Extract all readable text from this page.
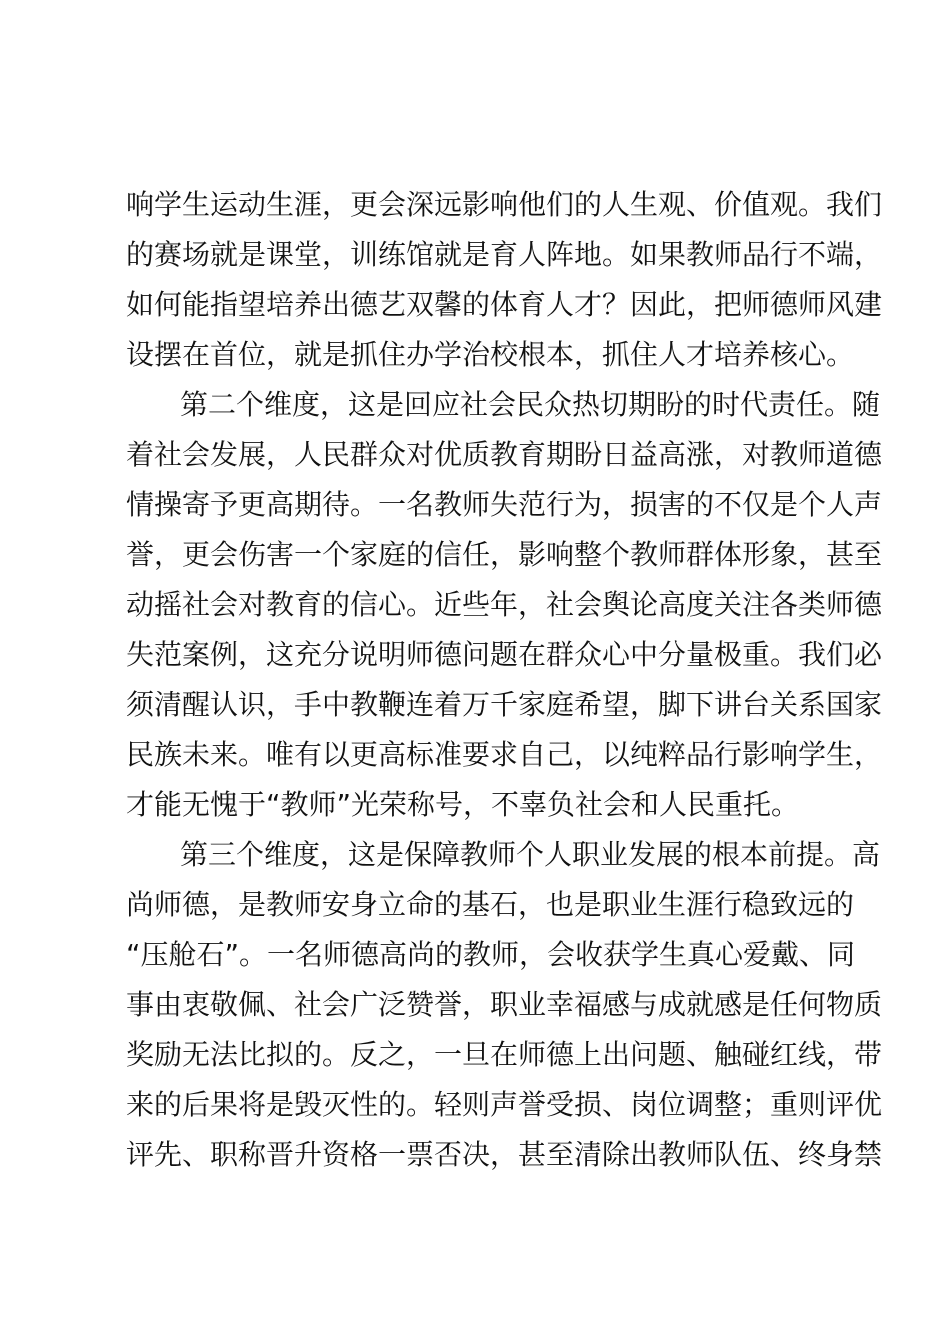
响学生运动生涯，更会深远影响他们的人生观、价值观。我们
的赛场就是课堂，训练馆就是育人阵地。如果教师品行不端，
如何能指望培养出德艺双馨的体育人才？因此，把师德师风建
设摆在首位，就是抓住办学治校根本，抓住人才培养核心。
第二个维度，这是回应社会民众热切期盼的时代责任。随
着社会发展，人民群众对优质教育期盼日益高涨，对教师道德
情操寄予更高期待。一名教师失范行为，损害的不仅是个人声
誉，更会伤害一个家庭的信任，影响整个教师群体形象，甚至
动摇社会对教育的信心。近些年，社会舆论高度关注各类师德
失范案例，这充分说明师德问题在群众心中分量极重。我们必
须清醒认识，手中教鞭连着万千家庭希望，脚下讲台关系国家
民族未来。唯有以更高标准要求自己，以纯粹品行影响学生，
才能无愧于“教师”光荣称号，不辜负社会和人民重托。
第三个维度，这是保障教师个人职业发展的根本前提。高
尚师德，是教师安身立命的基石，也是职业生涯行稳致远的
“压舱石”。一名师德高尚的教师，会收获学生真心爱戴、同
事由衷敬佩、社会广泛赞誉，职业幸福感与成就感是任何物质
奖励无法比拟的。反之，一旦在师德上出问题、触碰红线，带
来的后果将是毁灭性的。轻则声誉受损、岗位调整；重则评优
评先、职称晋升资格一票否决，甚至清除出教师队伍、终身禁
